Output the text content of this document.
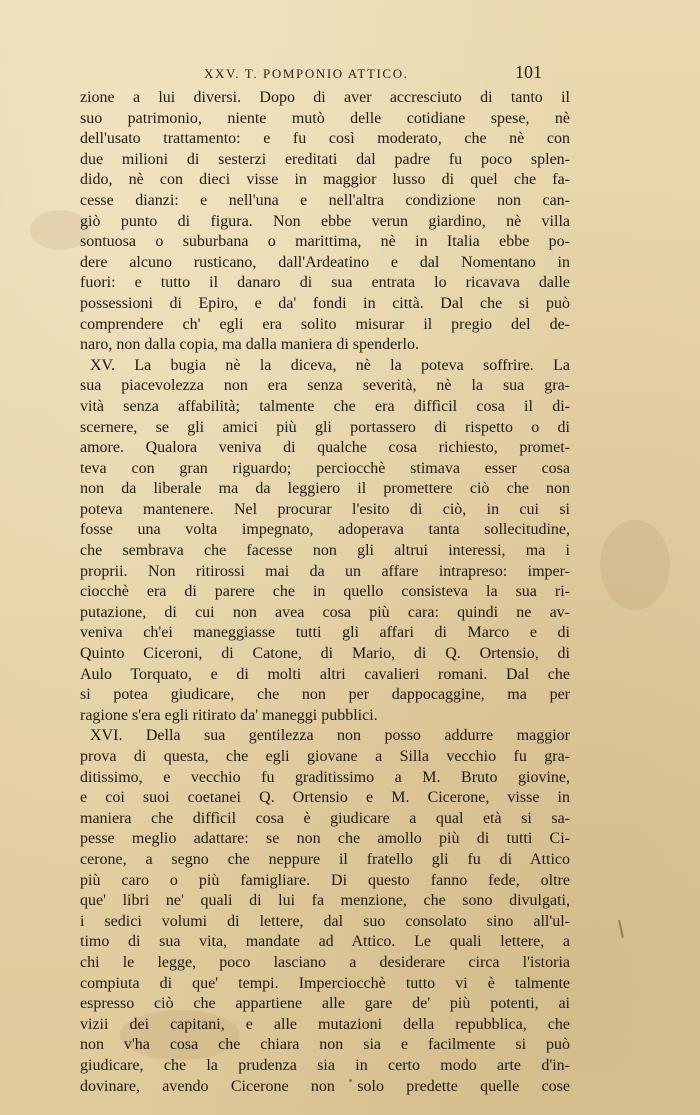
XXV. T. POMPONIO ATTICO.	101
zione a lui diversi. Dopo di aver accresciuto di tanto il
suo patrimonio, niente mutò delle cotidiane spese, nè
dell'usato trattamento: e fu così moderato, che nè con
due milioni di sesterzi ereditati dal padre fu poco splen-
dido, nè con dieci visse in maggior lusso di quel che fa-
cesse dianzi: e nell'una e nell'altra condizione non can-
giò punto di figura. Non ebbe verun giardino, nè villa
sontuosa o suburbana o marittima, nè in Italia ebbe po-
dere alcuno rusticano, dall'Ardeatino e dal Nomentano in
fuori: e tutto il danaro di sua entrata lo ricavava dalle
possessioni di Epiro, e da' fondi in città. Dal che si può
comprendere ch' egli era solito misurar il pregio del de-
naro, non dalla copia, ma dalla maniera di spenderlo.
XV. La bugia nè la diceva, nè la poteva soffrire. La
sua piacevolezza non era senza severità, nè la sua gra-
vità senza affabilità; talmente che era diffìcil cosa il di-
scernere, se gli amici più gli portassero di rispetto o di
amore. Qualora veniva di qualche cosa richiesto, promet-
teva con gran riguardo; perciocchè stimava esser cosa
non da liberale ma da leggiero il promettere ciò che non
poteva mantenere. Nel procurar l'esito di ciò, in cui si
fosse una volta impegnato, adoperava tanta sollecitudine,
che sembrava che facesse non gli altrui interessi, ma i
proprii. Non ritirossi mai da un affare intrapreso: imper-
ciocchè era di parere che in quello consisteva la sua ri-
putazione, di cui non avea cosa più cara: quindi ne av-
veniva ch'ei maneggiasse tutti gli affari di Marco e di
Quinto Ciceroni, di Catone, di Mario, di Q. Ortensio, di
Aulo Torquato, e di molti altri cavalieri romani. Dal che
si potea giudicare, che non per dappocaggine, ma per
ragione s'era egli ritirato da' maneggi pubblici.
XVI. Della sua gentilezza non posso addurre maggior
prova di questa, che egli giovane a Silla vecchio fu gra-
ditissimo, e vecchio fu graditissimo a M. Bruto giovine,
e coi suoi coetanei Q. Ortensio e M. Cicerone, visse in
maniera che diffìcil cosa è giudicare a qual età si sa-
pesse meglio adattare: se non che amollo più di tutti Ci-
cerone, a segno che neppure il fratello gli fu di Attico
più caro o più famigliare. Di questo fanno fede, oltre
que' libri ne' quali di lui fa menzione, che sono divulgati,
i sedici volumi di lettere, dal suo consolato sino all'ul-
timo di sua vita, mandate ad Attico. Le quali lettere, a
chi le legge, poco lasciano a desiderare circa l'istoria
compiuta di que' tempi. Imperciocchè tutto vi è talmente
espresso ciò che appartiene alle gare de' più potenti, ai
vizii dei capitani, e alle mutazioni della repubblica, che
non v'ha cosa che chiara non sia e facilmente si può
giudicare, che la prudenza sia in certo modo arte d'in-
dovinare, avendo Cicerone non solo predette quelle cose
